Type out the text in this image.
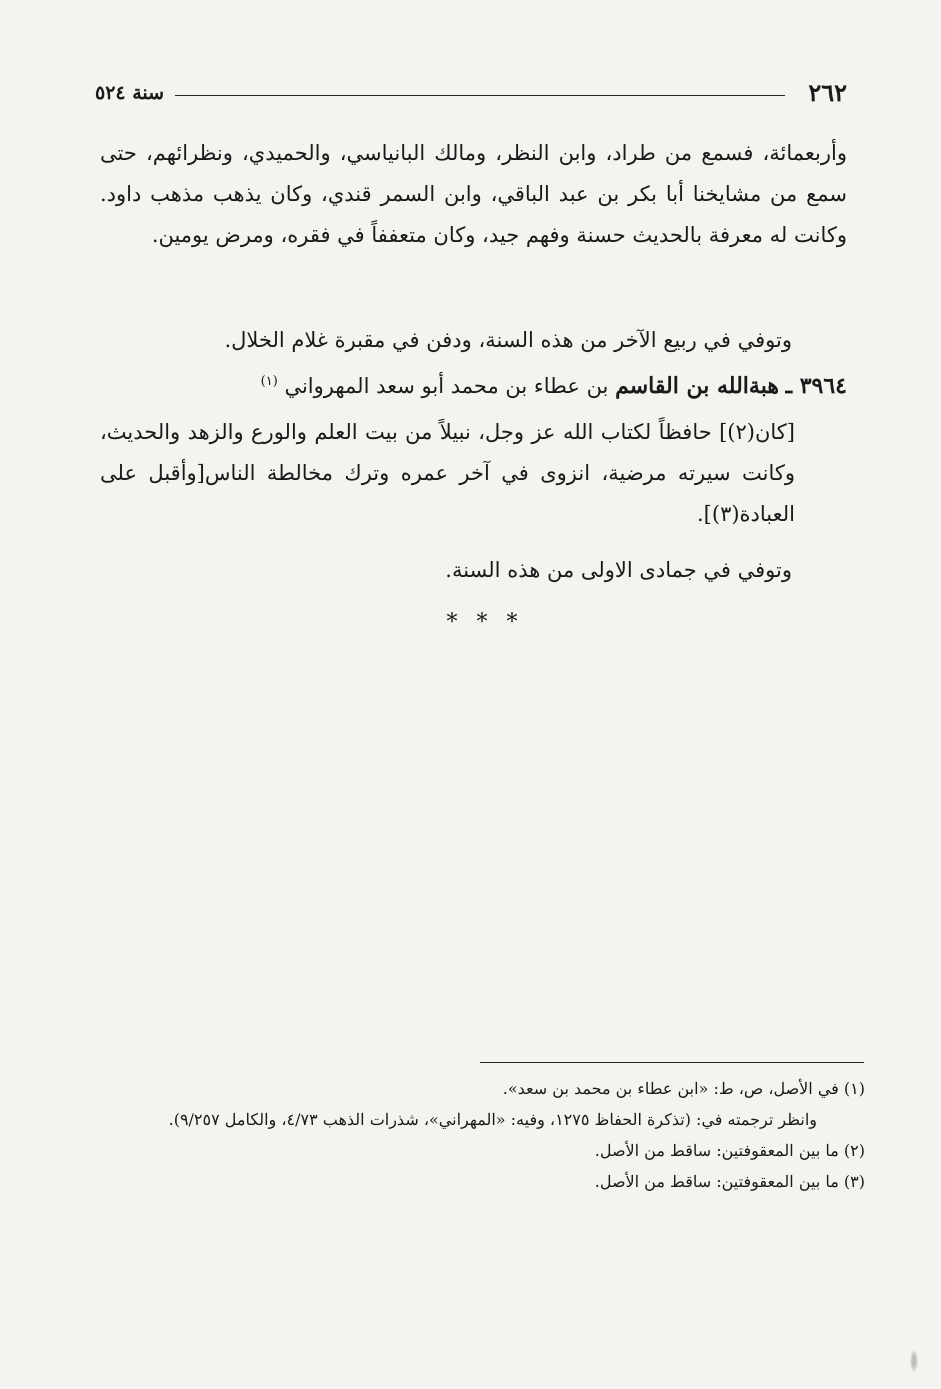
٢٦٢
سنة ٥٢٤
وأربعمائة، فسمع من طراد، وابن النظر، ومالك البانياسي، والحميدي، ونظرائهم، حتى سمع من مشايخنا أبا بكر بن عبد الباقي، وابن السمر قندي، وكان يذهب مذهب داود. وكانت له معرفة بالحديث حسنة وفهم جيد، وكان متعففاً في فقره، ومرض يومين.
وتوفي في ربيع الآخر من هذه السنة، ودفن في مقبرة غلام الخلال.
٣٩٦٤ ـ هبةالله بن القاسم بن عطاء بن محمد أبو سعد المهرواني $^{(١)}$
[كان(٢)] حافظاً لكتاب الله عز وجل، نبيلاً من بيت العلم والورع والزهد والحديث، وكانت سيرته مرضية، انزوى في آخر عمره وترك مخالطة الناس[وأقبل على العبادة(٣)].
وتوفي في جمادى الاولى من هذه السنة.
* * *

(١) في الأصل، ص، ط: «ابن عطاء بن محمد بن سعد».

وانظر ترجمته في: (تذكرة الحفاظ ١٢٧٥، وفيه: «المهراني»، شذرات الذهب ٤/٧٣، والكامل ٩/٢٥٧).

(٢) ما بين المعقوفتين: ساقط من الأصل.

(٣) ما بين المعقوفتين: ساقط من الأصل.
